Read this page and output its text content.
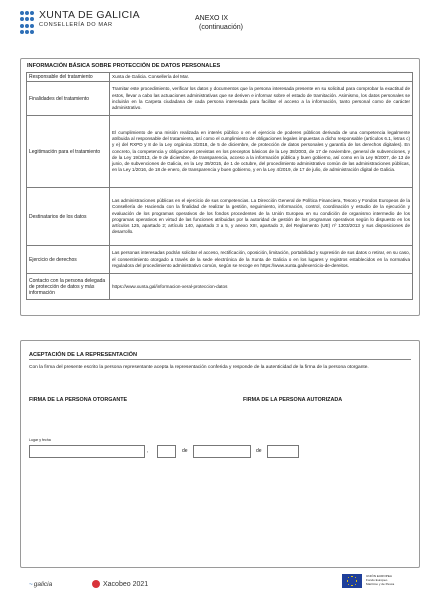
XUNTA DE GALICIA
CONSELLERÍA DO MAR
ANEXO IX
(continuación)
INFORMACIÓN BÁSICA SOBRE PROTECCIÓN DE DATOS PERSONALES
Responsable del tratamiento	Xunta de Galicia. Consellería del Mar.
Finalidades del tratamiento	Tramitar este procedimiento, verificar los datos y documentos que la persona interesada presente en su solicitud para comprobar la exactitud de estos, llevar a cabo las actuaciones administrativas que se deriven e informar sobre el estado de tramitación. Asimismo, los datos personales se incluirán en la Carpeta ciudadana de cada persona interesada para facilitar el acceso a la información, tanto personal como de carácter administrativo.
Legitimación para el tratamiento	El cumplimiento de una misión realizada en interés público o en el ejercicio de poderes públicos derivada de una competencia legalmente atribuida al responsable del tratamiento, así como el cumplimiento de obligaciones legales impuestas a dicho responsable (artículos 6.1, letras c) y e) del RXPD y 8 de la Ley orgánica 3/2018, de 5 de diciembre, de protección de datos personales y garantía de los derechos digitales). En concreto, la competencia y obligaciones previstas en los preceptos básicos de la Ley 38/2003, de 17 de noviembre, general de subvenciones, y de la Ley 19/2013, de 9 de diciembre, de transparencia, acceso a la información pública y buen gobierno, así como en la Ley 9/2007, de 13 de junio, de subvenciones de Galicia, en la Ley 39/2015, de 1 de octubre, del procedimiento administrativo común de las administraciones públicas, en la Ley 1/2016, de 18 de enero, de transparencia y buen gobierno, y en la Ley 4/2019, de 17 de julio, de administración digital de Galicia.
Destinatarios de los datos	Las administraciones públicas en el ejercicio de sus competencias. La Dirección General de Política Financiera, Tesoro y Fondos Europeos de la Consellería de Hacienda con la finalidad de realizar la gestión, seguimiento, información, control, coordinación y estudio de la ejecución y evaluación de los programas operativos de los fondos procedentes de la Unión Europea en su condición de organismo intermedio de los programas operativos en virtud de las funciones atribuidas por la autoridad de gestión de los programas operativos según lo dispuesto en los artículos 125, apartado 2; artículo 140, apartado 3 a 5, y anexo XIII, apartado 3, del Reglamento (UE) nº 1303/2013 y sus disposiciones de desarrollo.
Ejercicio de derechos	Las personas interesadas podrán solicitar el acceso, rectificación, oposición, limitación, portabilidad y supresión de sus datos o retirar, en su caso, el consentimiento otorgado a través de la sede electrónica de la Xunta de Galicia o en los lugares y registros establecidos en la normativa reguladora del procedimiento administrativo común, según se recoge en https://www.xunta.gal/exercicio-de-dereitos.
Contacto con la persona delegada de protección de datos y más información	https://www.xunta.gal/informacion-xeral-proteccion-datos
ACEPTACIÓN DE LA REPRESENTACIÓN
Con la firma del presente escrito la persona representante acepta la representación conferida y responde de la autenticidad de la firma de la persona otorgante.
FIRMA DE LA PERSONA OTORGANTE	FIRMA DE LA PERSONA AUTORIZADA
Lugar y fecha
,	de	de
~galicia	Xacobeo 2021
UNIÓN EUROPEA
Fondo Europeo
Marítimo y de Pesca
